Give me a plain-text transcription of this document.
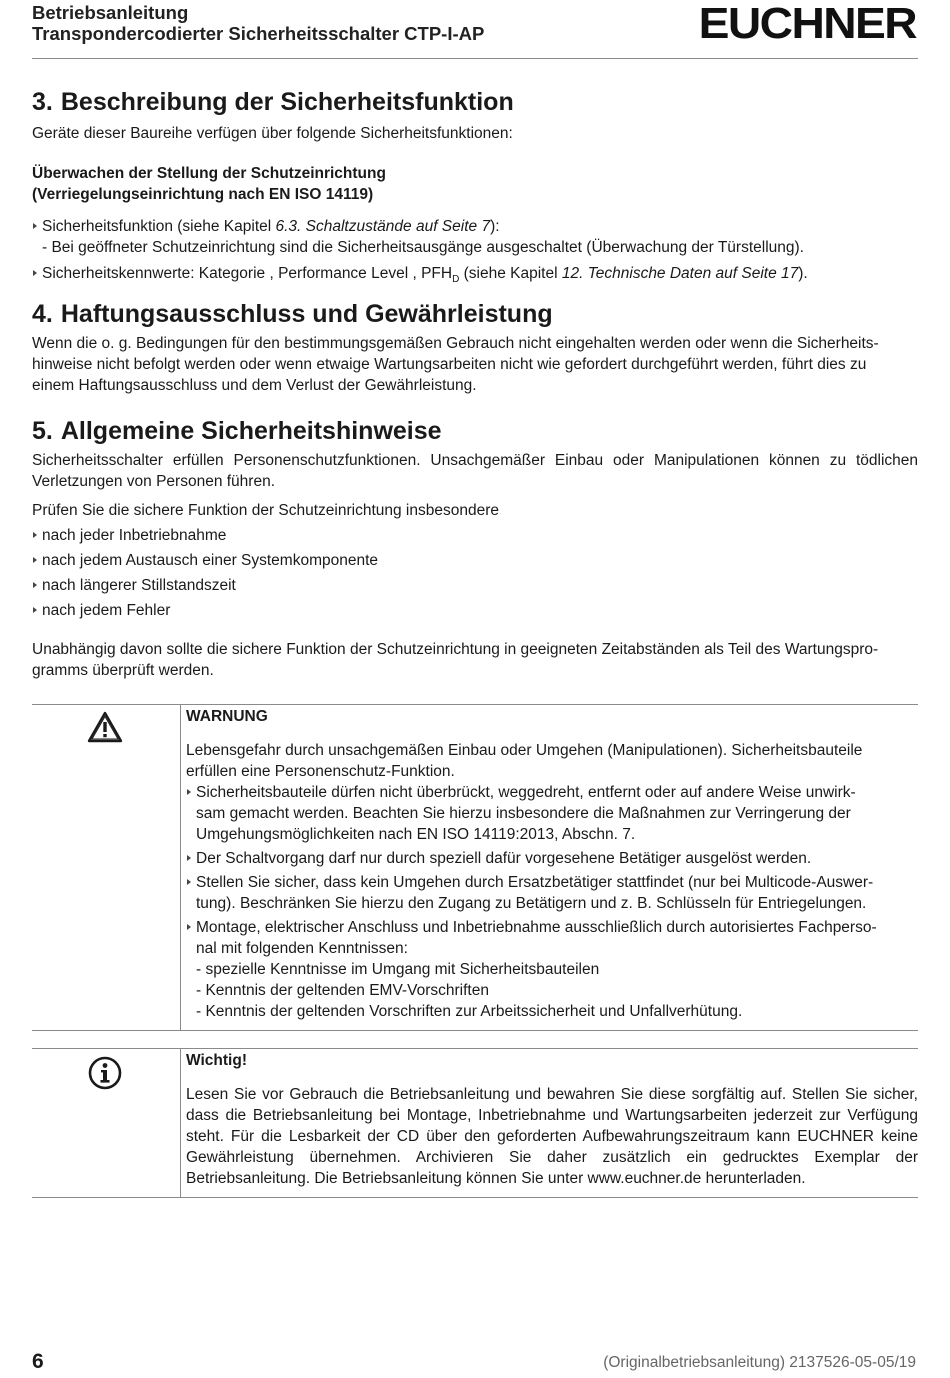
Betriebsanleitung
Transpondercodierter Sicherheitsschalter CTP-I-AP	EUCHNER
3. Beschreibung der Sicherheitsfunktion

Geräte dieser Baureihe verfügen über folgende Sicherheitsfunktionen:

Überwachen der Stellung der Schutzeinrichtung

(Verriegelungseinrichtung nach EN ISO 14119)

Sicherheitsfunktion (siehe Kapitel 6.3. Schaltzustände auf Seite 7):

- Bei geöffneter Schutzeinrichtung sind die Sicherheitsausgänge ausgeschaltet (Überwachung der Türstellung).

Sicherheitskennwerte: Kategorie , Performance Level , $PFH_D$ (siehe Kapitel 12. Technische Daten auf Seite 17).

4. Haftungsausschluss und Gewährleistung

Wenn die o. g. Bedingungen für den bestimmungsgemäßen Gebrauch nicht eingehalten werden oder wenn die Sicherheits-
hinweise nicht befolgt werden oder wenn etwaige Wartungsarbeiten nicht wie gefordert durchgeführt werden, führt dies zu
einem Haftungsausschluss und dem Verlust der Gewährleistung.

5. Allgemeine Sicherheitshinweise

Sicherheitsschalter erfüllen Personenschutzfunktionen. Unsachgemäßer Einbau oder Manipulationen können zu tödlichen Verletzungen von Personen führen.

Prüfen Sie die sichere Funktion der Schutzeinrichtung insbesondere

nach jeder Inbetriebnahme

nach jedem Austausch einer Systemkomponente

nach längerer Stillstandszeit

nach jedem Fehler

Unabhängig davon sollte die sichere Funktion der Schutzeinrichtung in geeigneten Zeitabständen als Teil des Wartungspro-
gramms überprüft werden.

WARNUNG

Lebensgefahr durch unsachgemäßen Einbau oder Umgehen (Manipulationen). Sicherheitsbauteile
erfüllen eine Personenschutz-Funktion.

Sicherheitsbauteile dürfen nicht überbrückt, weggedreht, entfernt oder auf andere Weise unwirk-
sam gemacht werden. Beachten Sie hierzu insbesondere die Maßnahmen zur Verringerung der
Umgehungsmöglichkeiten nach EN ISO 14119:2013, Abschn. 7.

Der Schaltvorgang darf nur durch speziell dafür vorgesehene Betätiger ausgelöst werden.

Stellen Sie sicher, dass kein Umgehen durch Ersatzbetätiger stattfindet (nur bei Multicode-Auswer-
tung). Beschränken Sie hierzu den Zugang zu Betätigern und z. B. Schlüsseln für Entriegelungen.

Montage, elektrischer Anschluss und Inbetriebnahme ausschließlich durch autorisiertes Fachperso-
nal mit folgenden Kenntnissen:

- spezielle Kenntnisse im Umgang mit Sicherheitsbauteilen

- Kenntnis der geltenden EMV-Vorschriften

- Kenntnis der geltenden Vorschriften zur Arbeitssicherheit und Unfallverhütung.

Wichtig!

Lesen Sie vor Gebrauch die Betriebsanleitung und bewahren Sie diese sorgfältig auf. Stellen Sie sicher, dass die Betriebsanleitung bei Montage, Inbetriebnahme und Wartungsarbeiten jederzeit zur Verfügung steht. Für die Lesbarkeit der CD über den geforderten Aufbewahrungszeitraum kann EUCHNER keine Gewährleistung übernehmen. Archivieren Sie daher zusätzlich ein gedrucktes Exemplar der Betriebsanleitung. Die Betriebsanleitung können Sie unter www.euchner.de herunterladen.

6	(Originalbetriebsanleitung) 2137526-05-05/19
